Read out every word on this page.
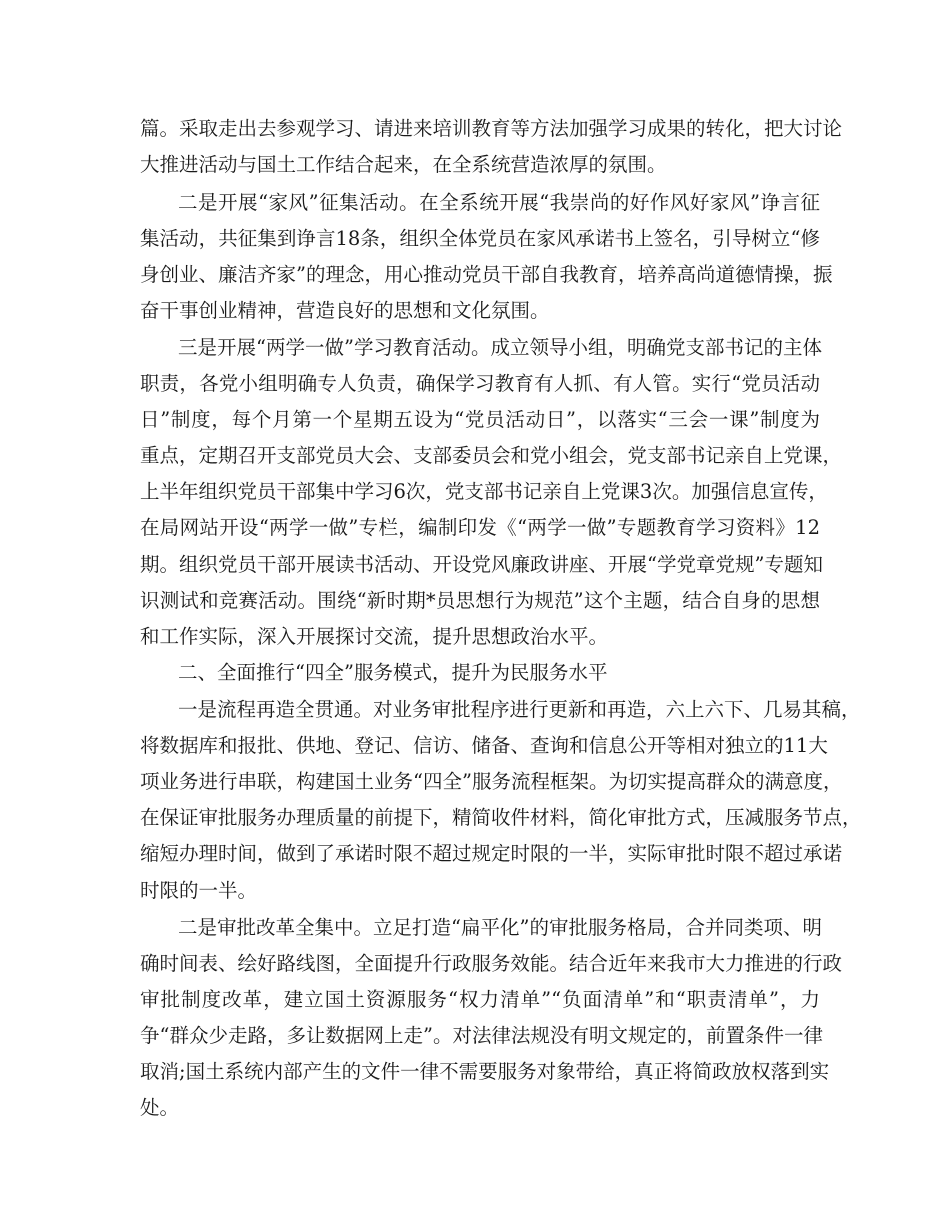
篇。采取走出去参观学习、请进来培训教育等方法加强学习成果的转化，把大讨论
大推进活动与国土工作结合起来，在全系统营造浓厚的氛围。
二是开展“家风”征集活动。在全系统开展“我崇尚的好作风好家风”诤言征
集活动，共征集到诤言18条，组织全体党员在家风承诺书上签名，引导树立“修
身创业、廉洁齐家”的理念，用心推动党员干部自我教育，培养高尚道德情操，振
奋干事创业精神，营造良好的思想和文化氛围。
三是开展“两学一做”学习教育活动。成立领导小组，明确党支部书记的主体
职责，各党小组明确专人负责，确保学习教育有人抓、有人管。实行“党员活动
日”制度，每个月第一个星期五设为“党员活动日”，以落实“三会一课”制度为
重点，定期召开支部党员大会、支部委员会和党小组会，党支部书记亲自上党课，
上半年组织党员干部集中学习6次，党支部书记亲自上党课3次。加强信息宣传，
在局网站开设“两学一做”专栏，编制印发《“两学一做”专题教育学习资料》12
期。组织党员干部开展读书活动、开设党风廉政讲座、开展“学党章党规”专题知
识测试和竞赛活动。围绕“新时期*员思想行为规范”这个主题，结合自身的思想
和工作实际，深入开展探讨交流，提升思想政治水平。
二、全面推行“四全”服务模式，提升为民服务水平
一是流程再造全贯通。对业务审批程序进行更新和再造，六上六下、几易其稿，
将数据库和报批、供地、登记、信访、储备、查询和信息公开等相对独立的11大
项业务进行串联，构建国土业务“四全”服务流程框架。为切实提高群众的满意度，
在保证审批服务办理质量的前提下，精简收件材料，简化审批方式，压减服务节点，
缩短办理时间，做到了承诺时限不超过规定时限的一半，实际审批时限不超过承诺
时限的一半。
二是审批改革全集中。立足打造“扁平化”的审批服务格局，合并同类项、明
确时间表、绘好路线图，全面提升行政服务效能。结合近年来我市大力推进的行政
审批制度改革，建立国土资源服务“权力清单”“负面清单”和“职责清单”，力
争“群众少走路，多让数据网上走”。对法律法规没有明文规定的，前置条件一律
取消;国土系统内部产生的文件一律不需要服务对象带给，真正将简政放权落到实
处。
